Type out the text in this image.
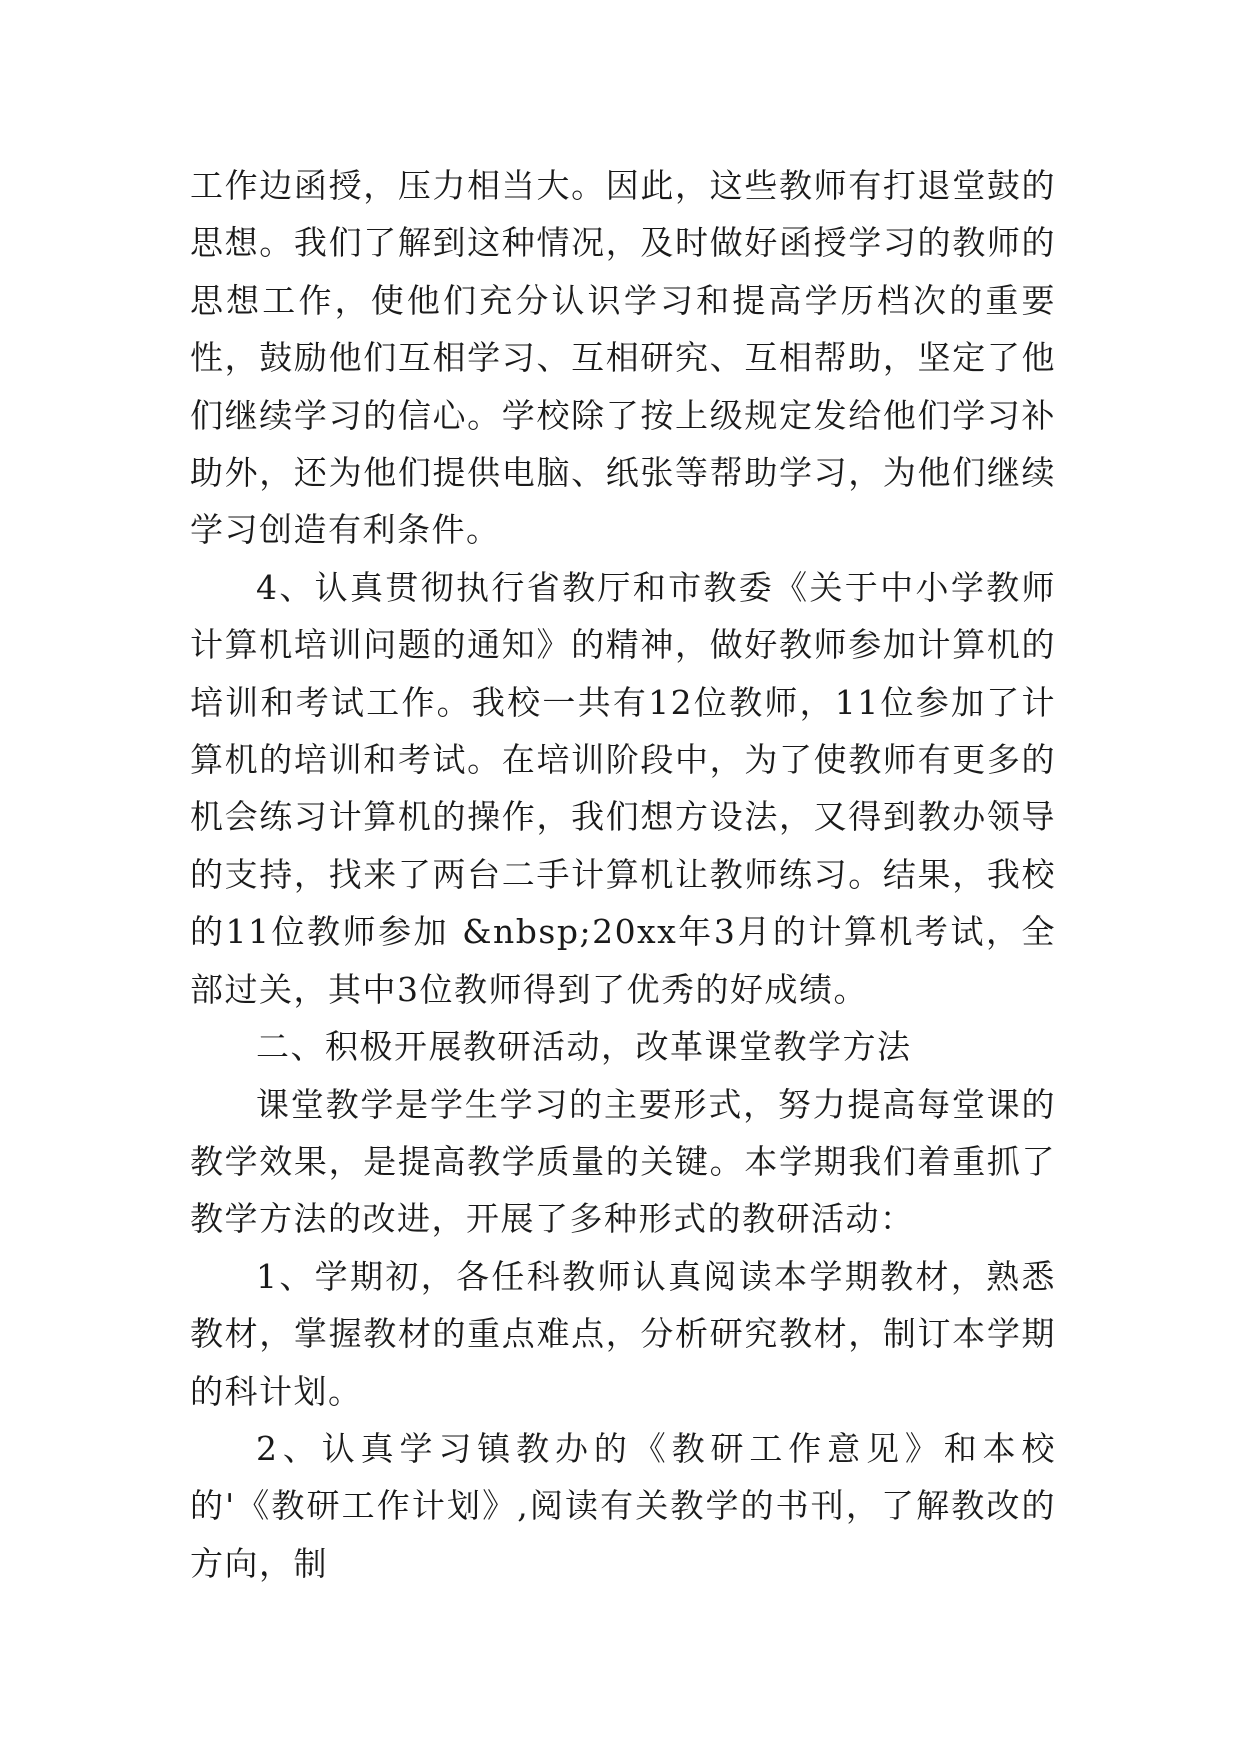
工作边函授，压力相当大。因此，这些教师有打退堂鼓的思想。我们了解到这种情况，及时做好函授学习的教师的思想工作，使他们充分认识学习和提高学历档次的重要性，鼓励他们互相学习、互相研究、互相帮助，坚定了他们继续学习的信心。学校除了按上级规定发给他们学习补助外，还为他们提供电脑、纸张等帮助学习，为他们继续学习创造有利条件。

4、认真贯彻执行省教厅和市教委《关于中小学教师计算机培训问题的通知》的精神，做好教师参加计算机的培训和考试工作。我校一共有12位教师，11位参加了计算机的培训和考试。在培训阶段中，为了使教师有更多的机会练习计算机的操作，我们想方设法，又得到教办领导的支持，找来了两台二手计算机让教师练习。结果，我校的11位教师参加 &nbsp;20xx年3月的计算机考试，全部过关，其中3位教师得到了优秀的好成绩。

二、积极开展教研活动，改革课堂教学方法

课堂教学是学生学习的主要形式，努力提高每堂课的教学效果，是提高教学质量的关键。本学期我们着重抓了教学方法的改进，开展了多种形式的教研活动：

1、学期初，各任科教师认真阅读本学期教材，熟悉教材，掌握教材的重点难点，分析研究教材，制订本学期的科计划。

2、认真学习镇教办的《教研工作意见》和本校的'《教研工作计划》,阅读有关教学的书刊，了解教改的方向，制
